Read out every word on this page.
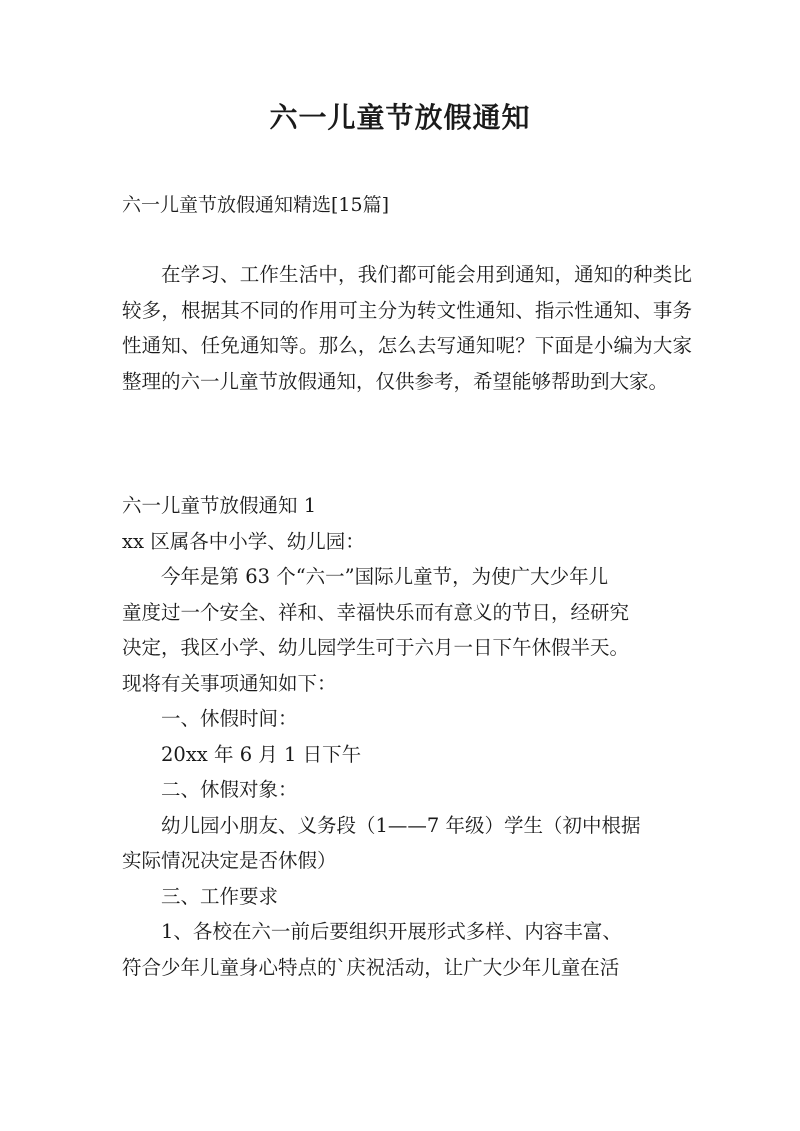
六一儿童节放假通知

六一儿童节放假通知精选[15篇]

在学习、工作生活中，我们都可能会用到通知，通知的种类比较多，根据其不同的作用可主分为转文性通知、指示性通知、事务性通知、任免通知等。那么，怎么去写通知呢？下面是小编为大家整理的六一儿童节放假通知，仅供参考，希望能够帮助到大家。

六一儿童节放假通知 1
xx 区属各中小学、幼儿园：
今年是第 63 个“六一”国际儿童节，为使广大少年儿
童度过一个安全、祥和、幸福快乐而有意义的节日，经研究
决定，我区小学、幼儿园学生可于六月一日下午休假半天。
现将有关事项通知如下：
一、休假时间：
20xx 年 6 月 1 日下午
二、休假对象：
幼儿园小朋友、义务段（1——7 年级）学生（初中根据
实际情况决定是否休假）
三、工作要求
1、各校在六一前后要组织开展形式多样、内容丰富、
符合少年儿童身心特点的`庆祝活动，让广大少年儿童在活
